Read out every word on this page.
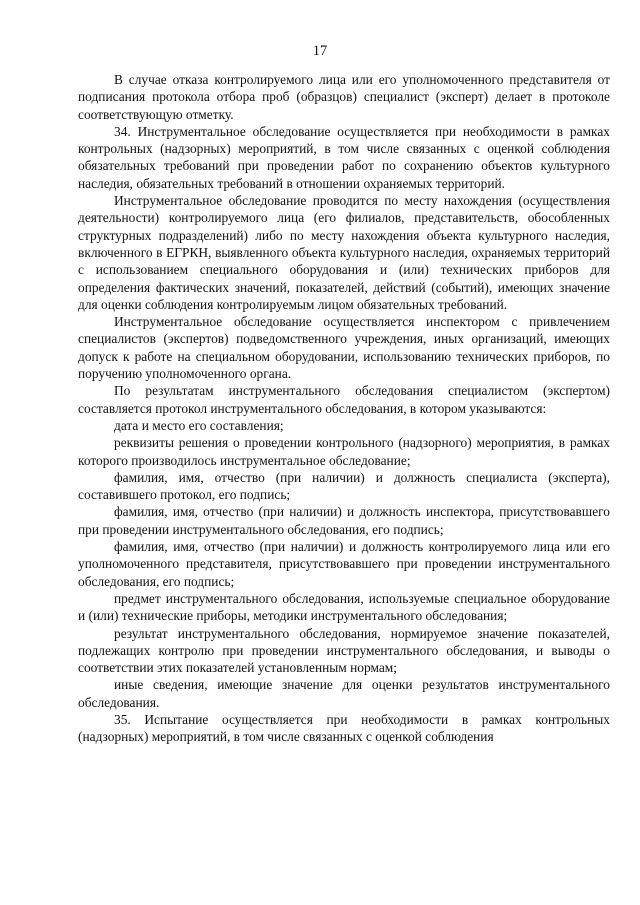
17

В случае отказа контролируемого лица или его уполномоченного представителя от подписания протокола отбора проб (образцов) специалист (эксперт) делает в протоколе соответствующую отметку.

34. Инструментальное обследование осуществляется при необходимости в рамках контрольных (надзорных) мероприятий, в том числе связанных с оценкой соблюдения обязательных требований при проведении работ по сохранению объектов культурного наследия, обязательных требований в отношении охраняемых территорий.

Инструментальное обследование проводится по месту нахождения (осуществления деятельности) контролируемого лица (его филиалов, представительств, обособленных структурных подразделений) либо по месту нахождения объекта культурного наследия, включенного в ЕГРКН, выявленного объекта культурного наследия, охраняемых территорий с использованием специального оборудования и (или) технических приборов для определения фактических значений, показателей, действий (событий), имеющих значение для оценки соблюдения контролируемым лицом обязательных требований.

Инструментальное обследование осуществляется инспектором с привлечением специалистов (экспертов) подведомственного учреждения, иных организаций, имеющих допуск к работе на специальном оборудовании, использованию технических приборов, по поручению уполномоченного органа.

По результатам инструментального обследования специалистом (экспертом) составляется протокол инструментального обследования, в котором указываются:

дата и место его составления;

реквизиты решения о проведении контрольного (надзорного) мероприятия, в рамках которого производилось инструментальное обследование;

фамилия, имя, отчество (при наличии) и должность специалиста (эксперта), составившего протокол, его подпись;

фамилия, имя, отчество (при наличии) и должность инспектора, присутствовавшего при проведении инструментального обследования, его подпись;

фамилия, имя, отчество (при наличии) и должность контролируемого лица или его уполномоченного представителя, присутствовавшего при проведении инструментального обследования, его подпись;

предмет инструментального обследования, используемые специальное оборудование и (или) технические приборы, методики инструментального обследования;

результат инструментального обследования, нормируемое значение показателей, подлежащих контролю при проведении инструментального обследования, и выводы о соответствии этих показателей установленным нормам;

иные сведения, имеющие значение для оценки результатов инструментального обследования.

35. Испытание осуществляется при необходимости в рамках контрольных (надзорных) мероприятий, в том числе связанных с оценкой соблюдения
